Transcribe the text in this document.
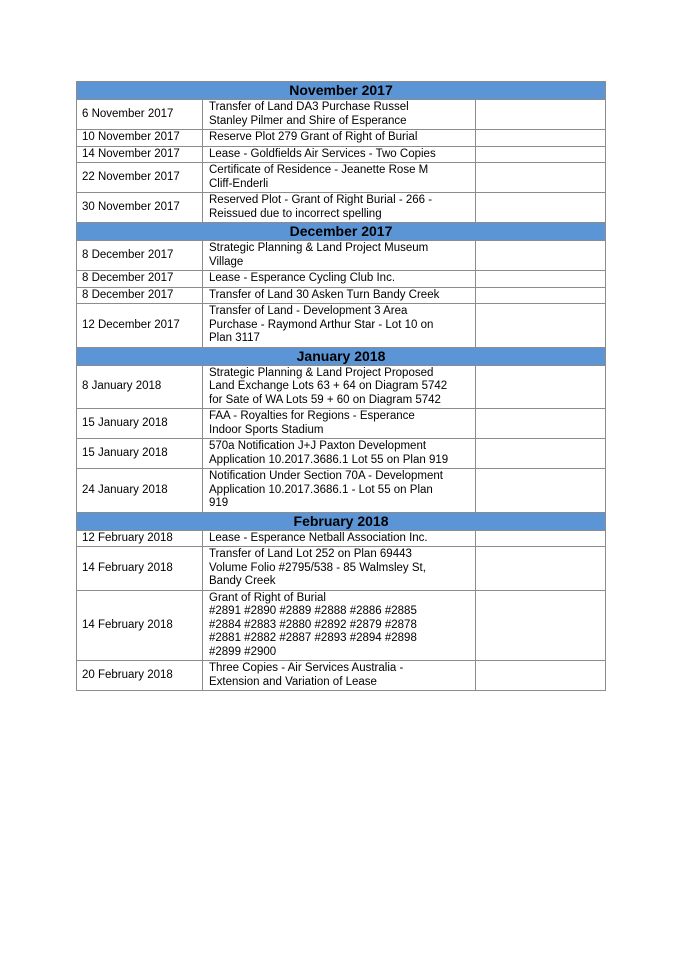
November 2017		
6 November 2017	Transfer of Land DA3 Purchase Russel
Stanley Pilmer and Shire of Esperance	
10 November 2017	Reserve Plot 279 Grant of Right of Burial	
14 November 2017	Lease - Goldfields Air Services - Two Copies	
22 November 2017	Certificate of Residence - Jeanette Rose M
Cliff-Enderli	
30 November 2017	Reserved Plot - Grant of Right Burial - 266 -
Reissued due to incorrect spelling	
December 2017		
8 December 2017	Strategic Planning & Land Project Museum
Village	
8 December 2017	Lease - Esperance Cycling Club Inc.	
8 December 2017	Transfer of Land 30 Asken Turn Bandy Creek	
12 December 2017	Transfer of Land - Development 3 Area
Purchase - Raymond Arthur Star - Lot 10 on
Plan 3117	
January 2018		
8 January 2018	Strategic Planning & Land Project Proposed
Land Exchange Lots 63 + 64 on Diagram 5742
for Sate of WA Lots 59 + 60 on Diagram 5742	
15 January 2018	FAA - Royalties for Regions - Esperance
Indoor Sports Stadium	
15 January 2018	570a Notification J+J Paxton Development
Application 10.2017.3686.1 Lot 55 on Plan 919	
24 January 2018	Notification Under Section 70A - Development
Application 10.2017.3686.1 - Lot 55 on Plan
919	
February 2018		
12 February 2018	Lease - Esperance Netball Association Inc.	
14 February 2018	Transfer of Land Lot 252 on Plan 69443
Volume Folio #2795/538 - 85 Walmsley St,
Bandy Creek	
14 February 2018	Grant of Right of Burial
#2891 #2890 #2889 #2888 #2886 #2885
#2884 #2883 #2880 #2892 #2879 #2878
#2881 #2882 #2887 #2893 #2894 #2898
#2899 #2900	
20 February 2018	Three Copies - Air Services Australia -
Extension and Variation of Lease	
